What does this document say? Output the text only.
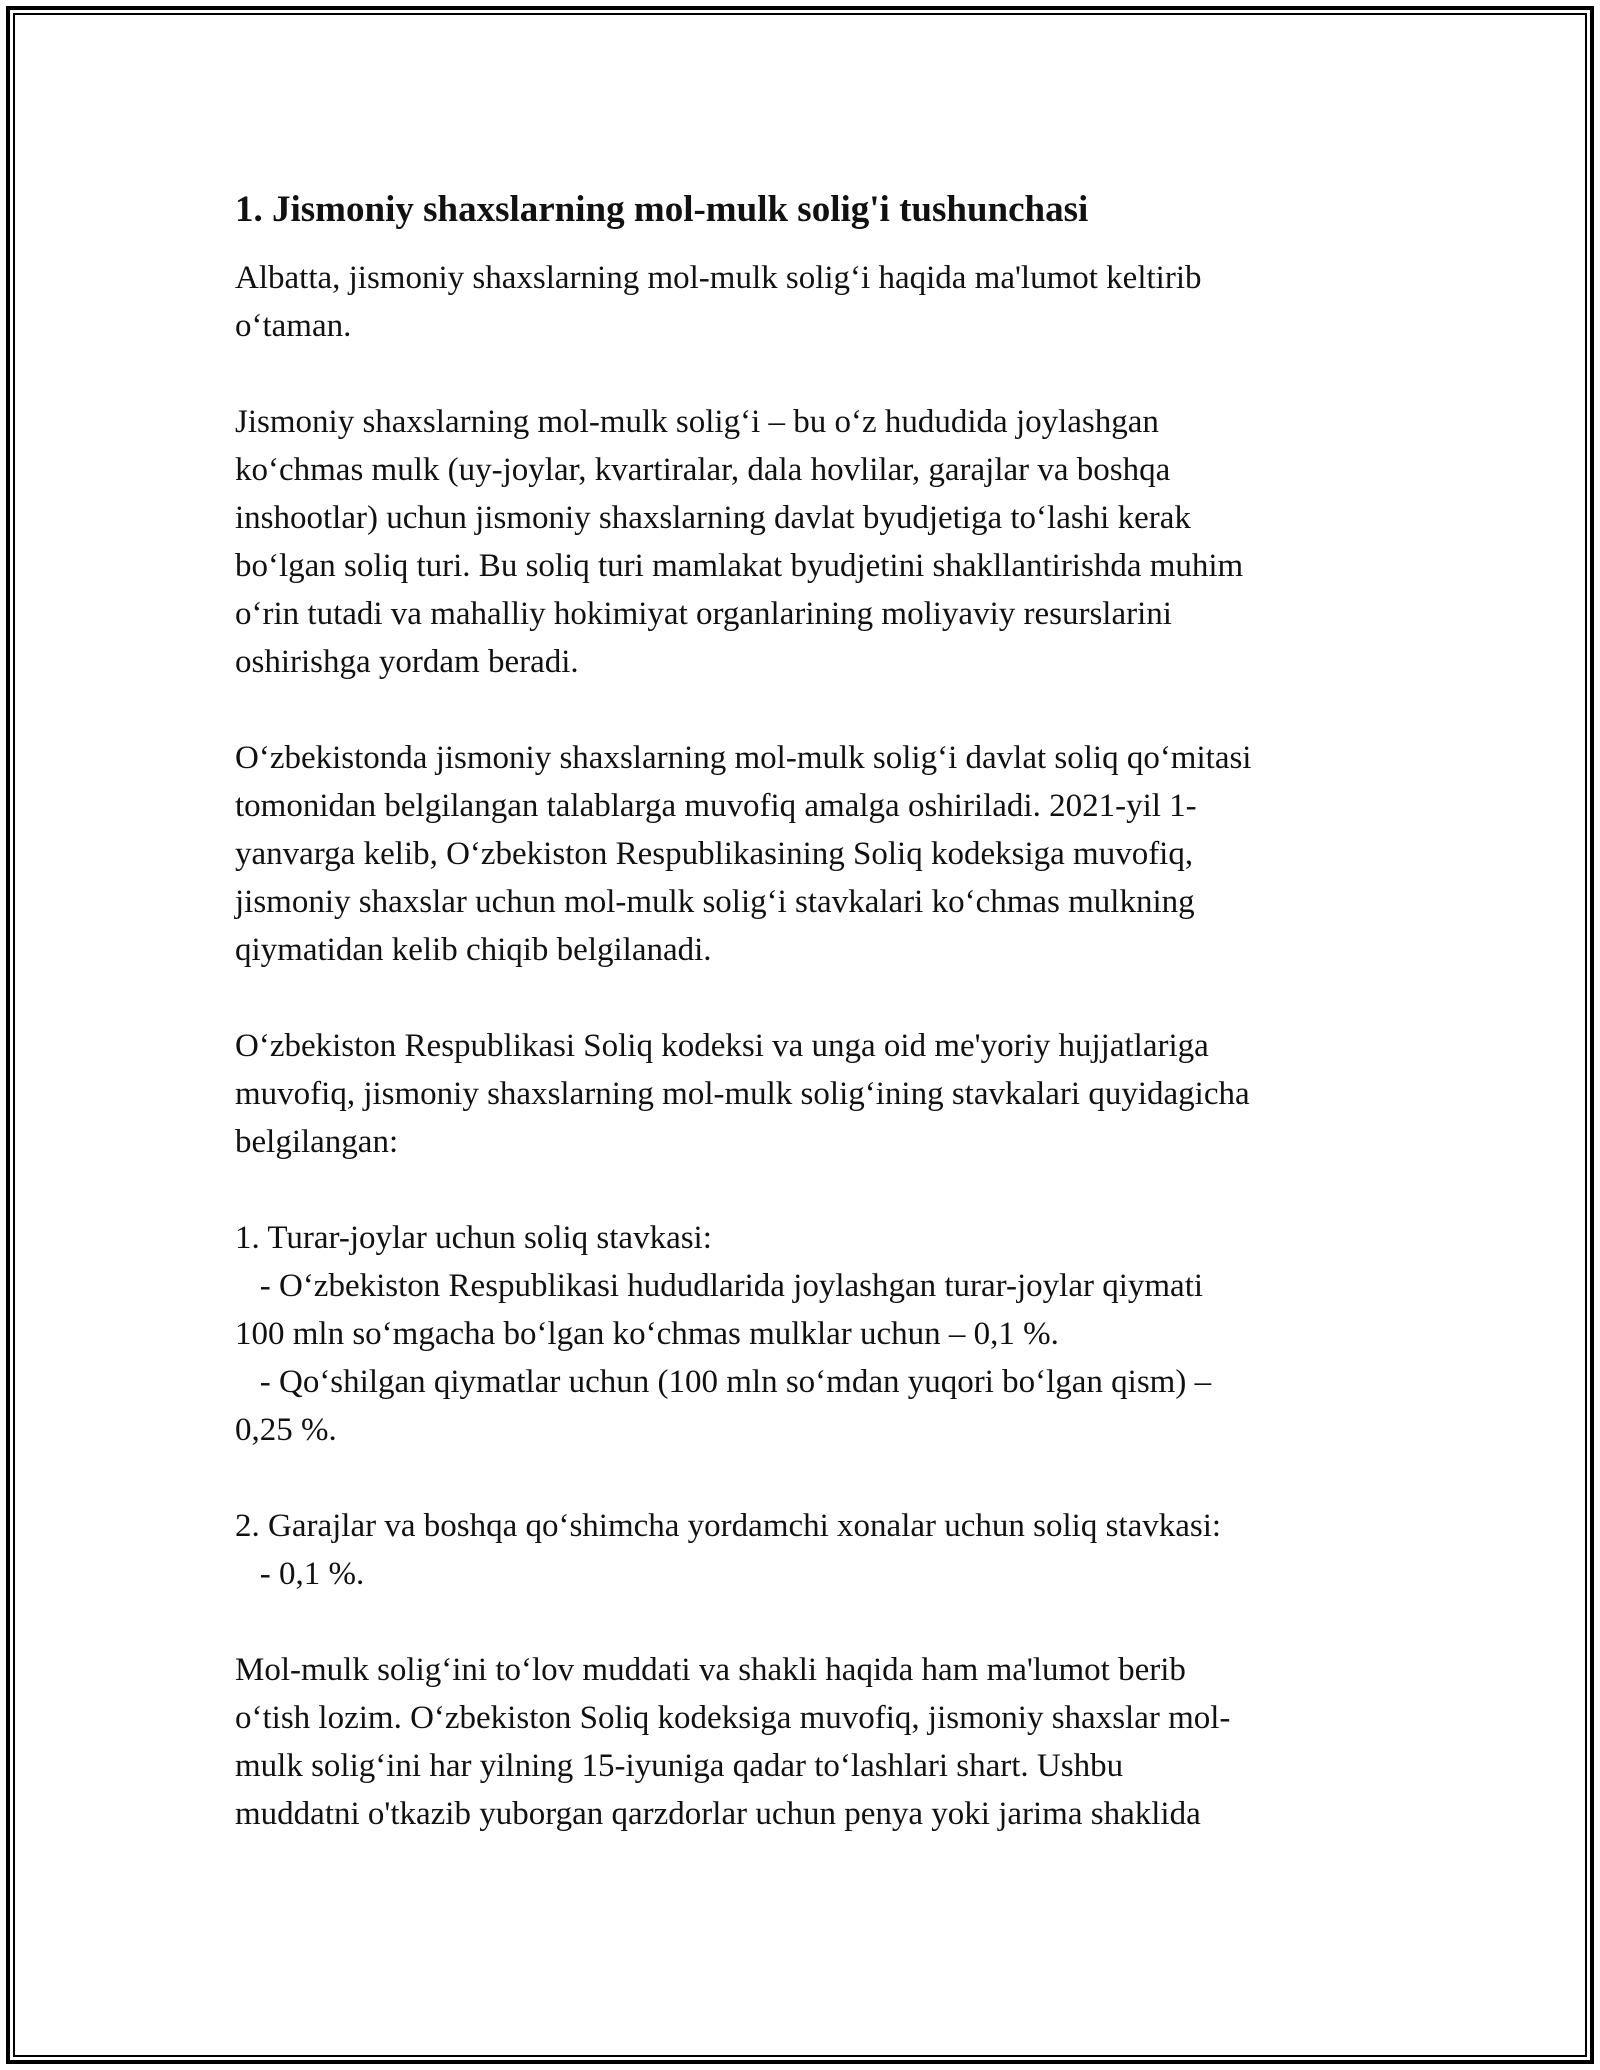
1. Jismoniy shaxslarning mol-mulk solig'i tushunchasi

Albatta, jismoniy shaxslarning mol-mulk soligʻi haqida ma'lumot keltirib
oʻtaman.

Jismoniy shaxslarning mol-mulk soligʻi – bu oʻz hududida joylashgan
koʻchmas mulk (uy-joylar, kvartiralar, dala hovlilar, garajlar va boshqa
inshootlar) uchun jismoniy shaxslarning davlat byudjetiga toʻlashi kerak
boʻlgan soliq turi. Bu soliq turi mamlakat byudjetini shakllantirishda muhim
oʻrin tutadi va mahalliy hokimiyat organlarining moliyaviy resurslarini
oshirishga yordam beradi.

Oʻzbekistonda jismoniy shaxslarning mol-mulk soligʻi davlat soliq qoʻmitasi
tomonidan belgilangan talablarga muvofiq amalga oshiriladi. 2021-yil 1-
yanvarga kelib, Oʻzbekiston Respublikasining Soliq kodeksiga muvofiq,
jismoniy shaxslar uchun mol-mulk soligʻi stavkalari koʻchmas mulkning
qiymatidan kelib chiqib belgilanadi.

Oʻzbekiston Respublikasi Soliq kodeksi va unga oid me'yoriy hujjatlariga
muvofiq, jismoniy shaxslarning mol-mulk soligʻining stavkalari quyidagicha
belgilangan:

1. Turar-joylar uchun soliq stavkasi:
- Oʻzbekiston Respublikasi hududlarida joylashgan turar-joylar qiymati
100 mln soʻmgacha boʻlgan koʻchmas mulklar uchun – 0,1 %.
- Qoʻshilgan qiymatlar uchun (100 mln soʻmdan yuqori boʻlgan qism) –
0,25 %.

2. Garajlar va boshqa qoʻshimcha yordamchi xonalar uchun soliq stavkasi:
- 0,1 %.

Mol-mulk soligʻini toʻlov muddati va shakli haqida ham ma'lumot berib
oʻtish lozim. Oʻzbekiston Soliq kodeksiga muvofiq, jismoniy shaxslar mol-
mulk soligʻini har yilning 15-iyuniga qadar toʻlashlari shart. Ushbu
muddatni o'tkazib yuborgan qarzdorlar uchun penya yoki jarima shaklida
